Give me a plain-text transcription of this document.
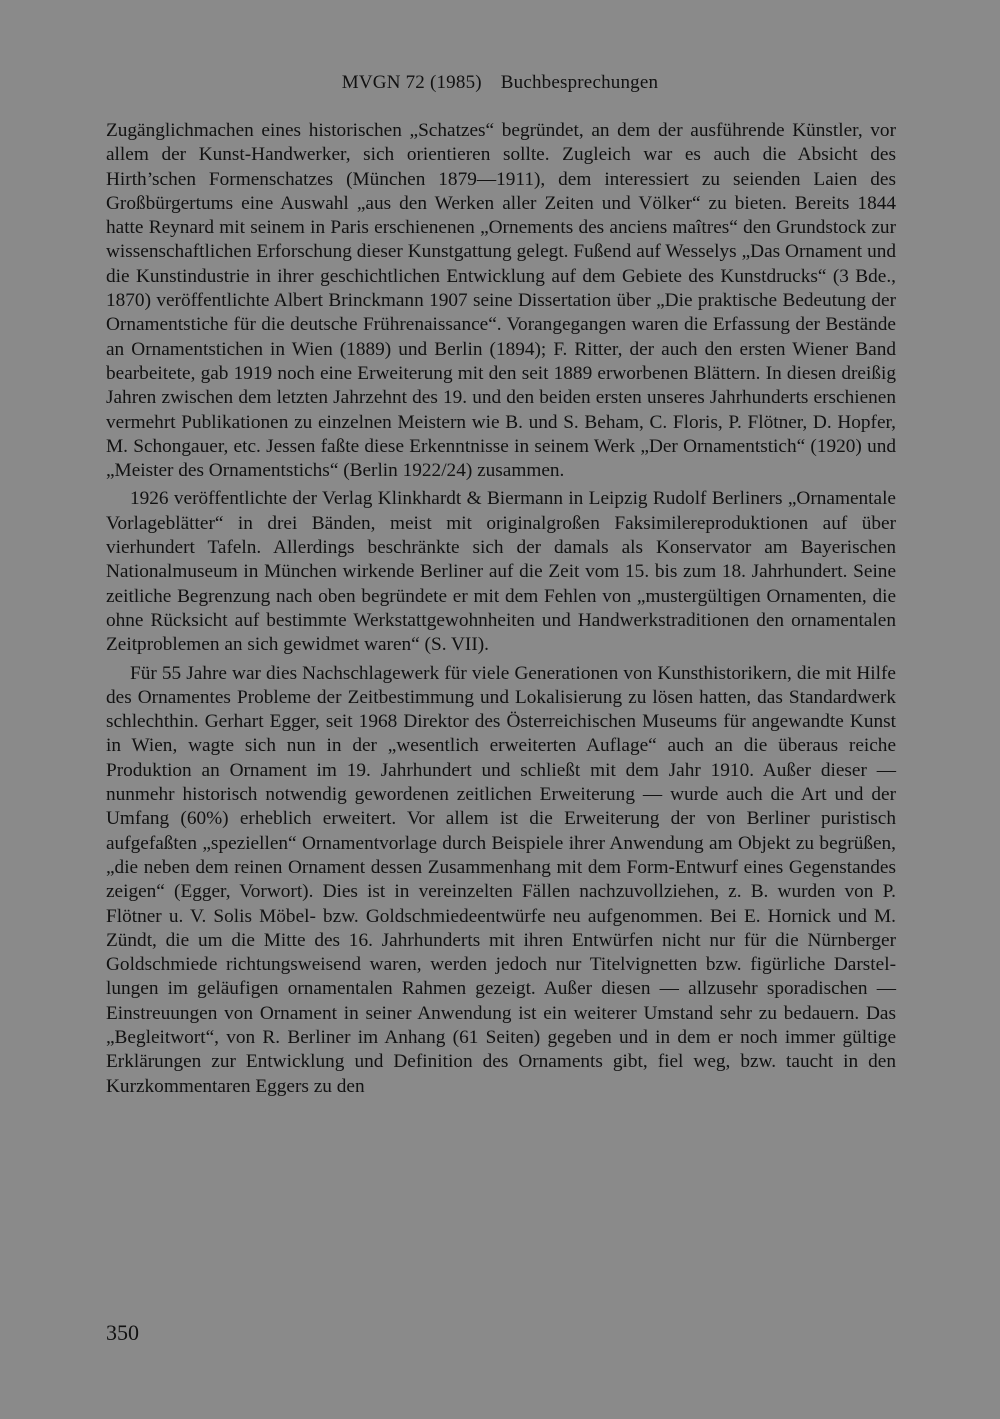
MVGN 72 (1985) Buchbesprechungen

Zugänglichmachen eines historischen „Schatzes“ begründet, an dem der ausführende Künstler, vor allem der Kunst-Handwerker, sich orientieren sollte. Zugleich war es auch die Absicht des Hirth’schen Formenschatzes (München 1879—1911), dem interessiert zu seienden Laien des Großbürgertums eine Auswahl „aus den Werken aller Zeiten und Völker“ zu bieten. Bereits 1844 hatte Reynard mit seinem in Paris erschienenen „Ornements des anciens maîtres“ den Grundstock zur wissenschaftlichen Erforschung dieser Kunstgattung gelegt. Fußend auf Wesselys „Das Ornament und die Kunstindustrie in ihrer geschichtlichen Entwicklung auf dem Gebiete des Kunstdrucks“ (3 Bde., 1870) veröffentlichte Albert Brinckmann 1907 seine Dissertation über „Die praktische Bedeutung der Ornamentstiche für die deutsche Frührenaissance“. Vorangegangen waren die Erfassung der Bestände an Ornamentstichen in Wien (1889) und Berlin (1894); F. Ritter, der auch den ersten Wiener Band bearbeitete, gab 1919 noch eine Erweiterung mit den seit 1889 erworbenen Blättern. In diesen dreißig Jahren zwischen dem letzten Jahrzehnt des 19. und den beiden ersten unseres Jahrhunderts erschienen vermehrt Publikationen zu einzelnen Meistern wie B. und S. Beham, C. Floris, P. Flötner, D. Hopfer, M. Schongauer, etc. Jessen faßte diese Erkenntnisse in seinem Werk „Der Ornamentstich“ (1920) und „Meister des Ornamentstichs“ (Berlin 1922/24) zusammen.

1926 veröffentlichte der Verlag Klinkhardt & Biermann in Leipzig Rudolf Berliners „Ornamentale Vorlageblätter“ in drei Bänden, meist mit originalgroßen Faksimilereproduktionen auf über vierhundert Tafeln. Allerdings beschränkte sich der damals als Konservator am Bayerischen Nationalmuseum in München wirkende Berliner auf die Zeit vom 15. bis zum 18. Jahrhundert. Seine zeitliche Begrenzung nach oben begründete er mit dem Fehlen von „mustergültigen Ornamenten, die ohne Rücksicht auf bestimmte Werkstattgewohnheiten und Handwerkstraditionen den ornamentalen Zeitproblemen an sich gewidmet waren“ (S. VII).

Für 55 Jahre war dies Nachschlagewerk für viele Generationen von Kunsthistorikern, die mit Hilfe des Ornamentes Probleme der Zeitbestimmung und Lokalisierung zu lösen hatten, das Standardwerk schlechthin. Gerhart Egger, seit 1968 Direktor des Österreichischen Museums für angewandte Kunst in Wien, wagte sich nun in der „wesentlich erweiterten Auflage“ auch an die überaus reiche Produktion an Ornament im 19. Jahrhundert und schließt mit dem Jahr 1910. Außer dieser — nunmehr historisch notwendig gewordenen zeitlichen Erweiterung — wurde auch die Art und der Umfang (60%) erheblich erweitert. Vor allem ist die Erweiterung der von Berliner puristisch aufgefaßten „speziellen“ Ornamentvorlage durch Beispiele ihrer Anwendung am Objekt zu begrüßen, „die neben dem reinen Ornament dessen Zusammenhang mit dem Form-Entwurf eines Gegenstandes zeigen“ (Egger, Vorwort). Dies ist in vereinzelten Fällen nachzuvollziehen, z. B. wurden von P. Flötner u. V. Solis Möbel- bzw. Goldschmiedeentwürfe neu aufgenommen. Bei E. Hornick und M. Zündt, die um die Mitte des 16. Jahrhunderts mit ihren Entwürfen nicht nur für die Nürnberger Goldschmiede richtungsweisend waren, werden jedoch nur Titelvignetten bzw. figürliche Darstellungen im geläufigen ornamentalen Rahmen gezeigt. Außer diesen — allzusehr sporadischen — Einstreuungen von Ornament in seiner Anwendung ist ein weiterer Umstand sehr zu bedauern. Das „Begleitwort“, von R. Berliner im Anhang (61 Seiten) gegeben und in dem er noch immer gültige Erklärungen zur Entwicklung und Definition des Ornaments gibt, fiel weg, bzw. taucht in den Kurzkommentaren Eggers zu den

350
